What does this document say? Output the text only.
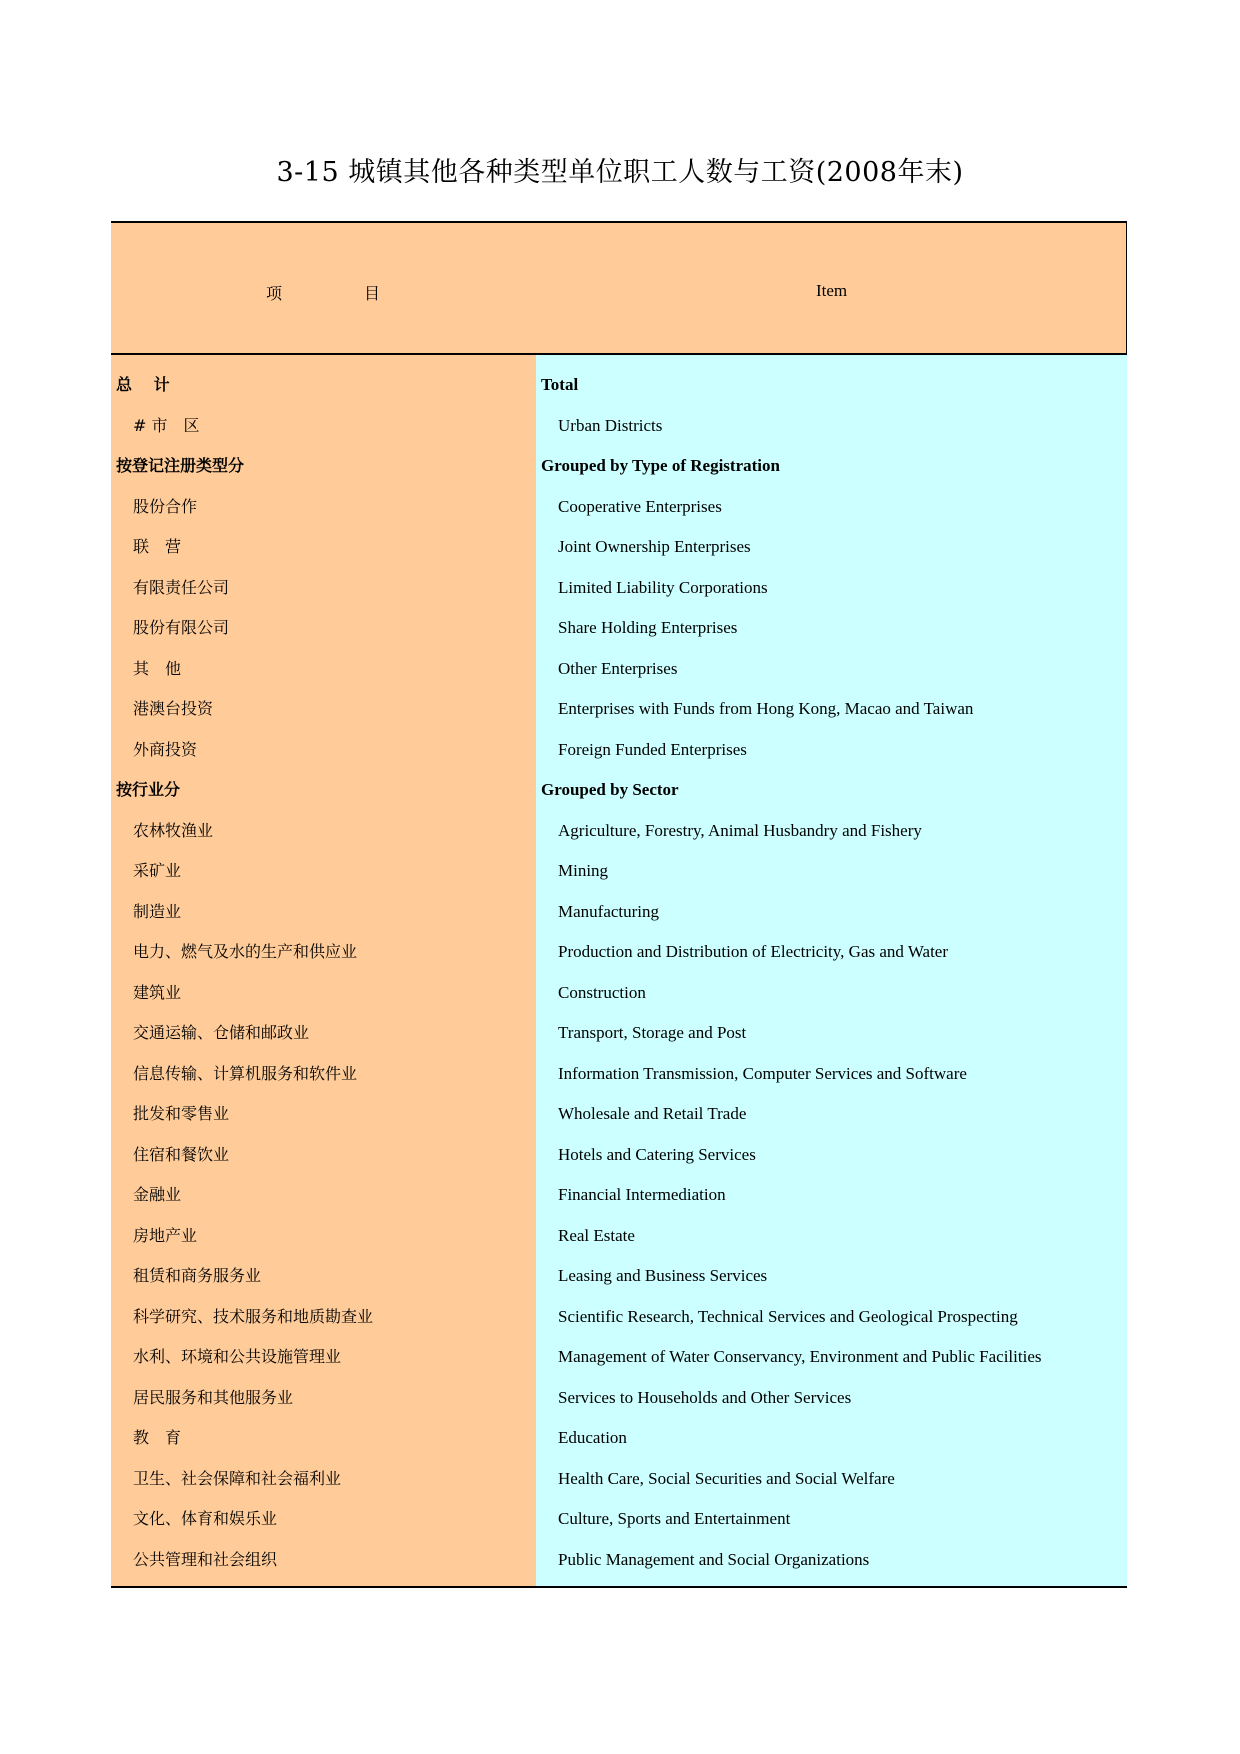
3-15 城镇其他各种类型单位职工人数与工资(2008年末)
项目	Item
总　 计
# 市　区
按登记注册类型分
股份合作
联　营
有限责任公司
股份有限公司
其　他
港澳台投资
外商投资
按行业分
农林牧渔业
采矿业
制造业
电力、燃气及水的生产和供应业
建筑业
交通运输、仓储和邮政业
信息传输、计算机服务和软件业
批发和零售业
住宿和餐饮业
金融业
房地产业
租赁和商务服务业
科学研究、技术服务和地质勘查业
水利、环境和公共设施管理业
居民服务和其他服务业
教　育
卫生、社会保障和社会福利业
文化、体育和娱乐业
公共管理和社会组织
Total
Urban Districts
Grouped by Type of Registration
Cooperative Enterprises
Joint Ownership Enterprises
Limited Liability Corporations
Share Holding Enterprises
Other Enterprises
Enterprises with Funds from Hong Kong, Macao and Taiwan
Foreign Funded Enterprises
Grouped by Sector
Agriculture, Forestry, Animal Husbandry and Fishery
Mining
Manufacturing
Production and Distribution of Electricity, Gas and Water
Construction
Transport, Storage and Post
Information Transmission, Computer Services and Software
Wholesale and Retail Trade
Hotels and Catering Services
Financial Intermediation
Real Estate
Leasing and Business Services
Scientific Research, Technical Services and Geological Prospecting
Management of Water Conservancy, Environment and Public Facilities
Services to Households and Other Services
Education
Health Care, Social Securities and Social Welfare
Culture, Sports and Entertainment
Public Management and Social Organizations
